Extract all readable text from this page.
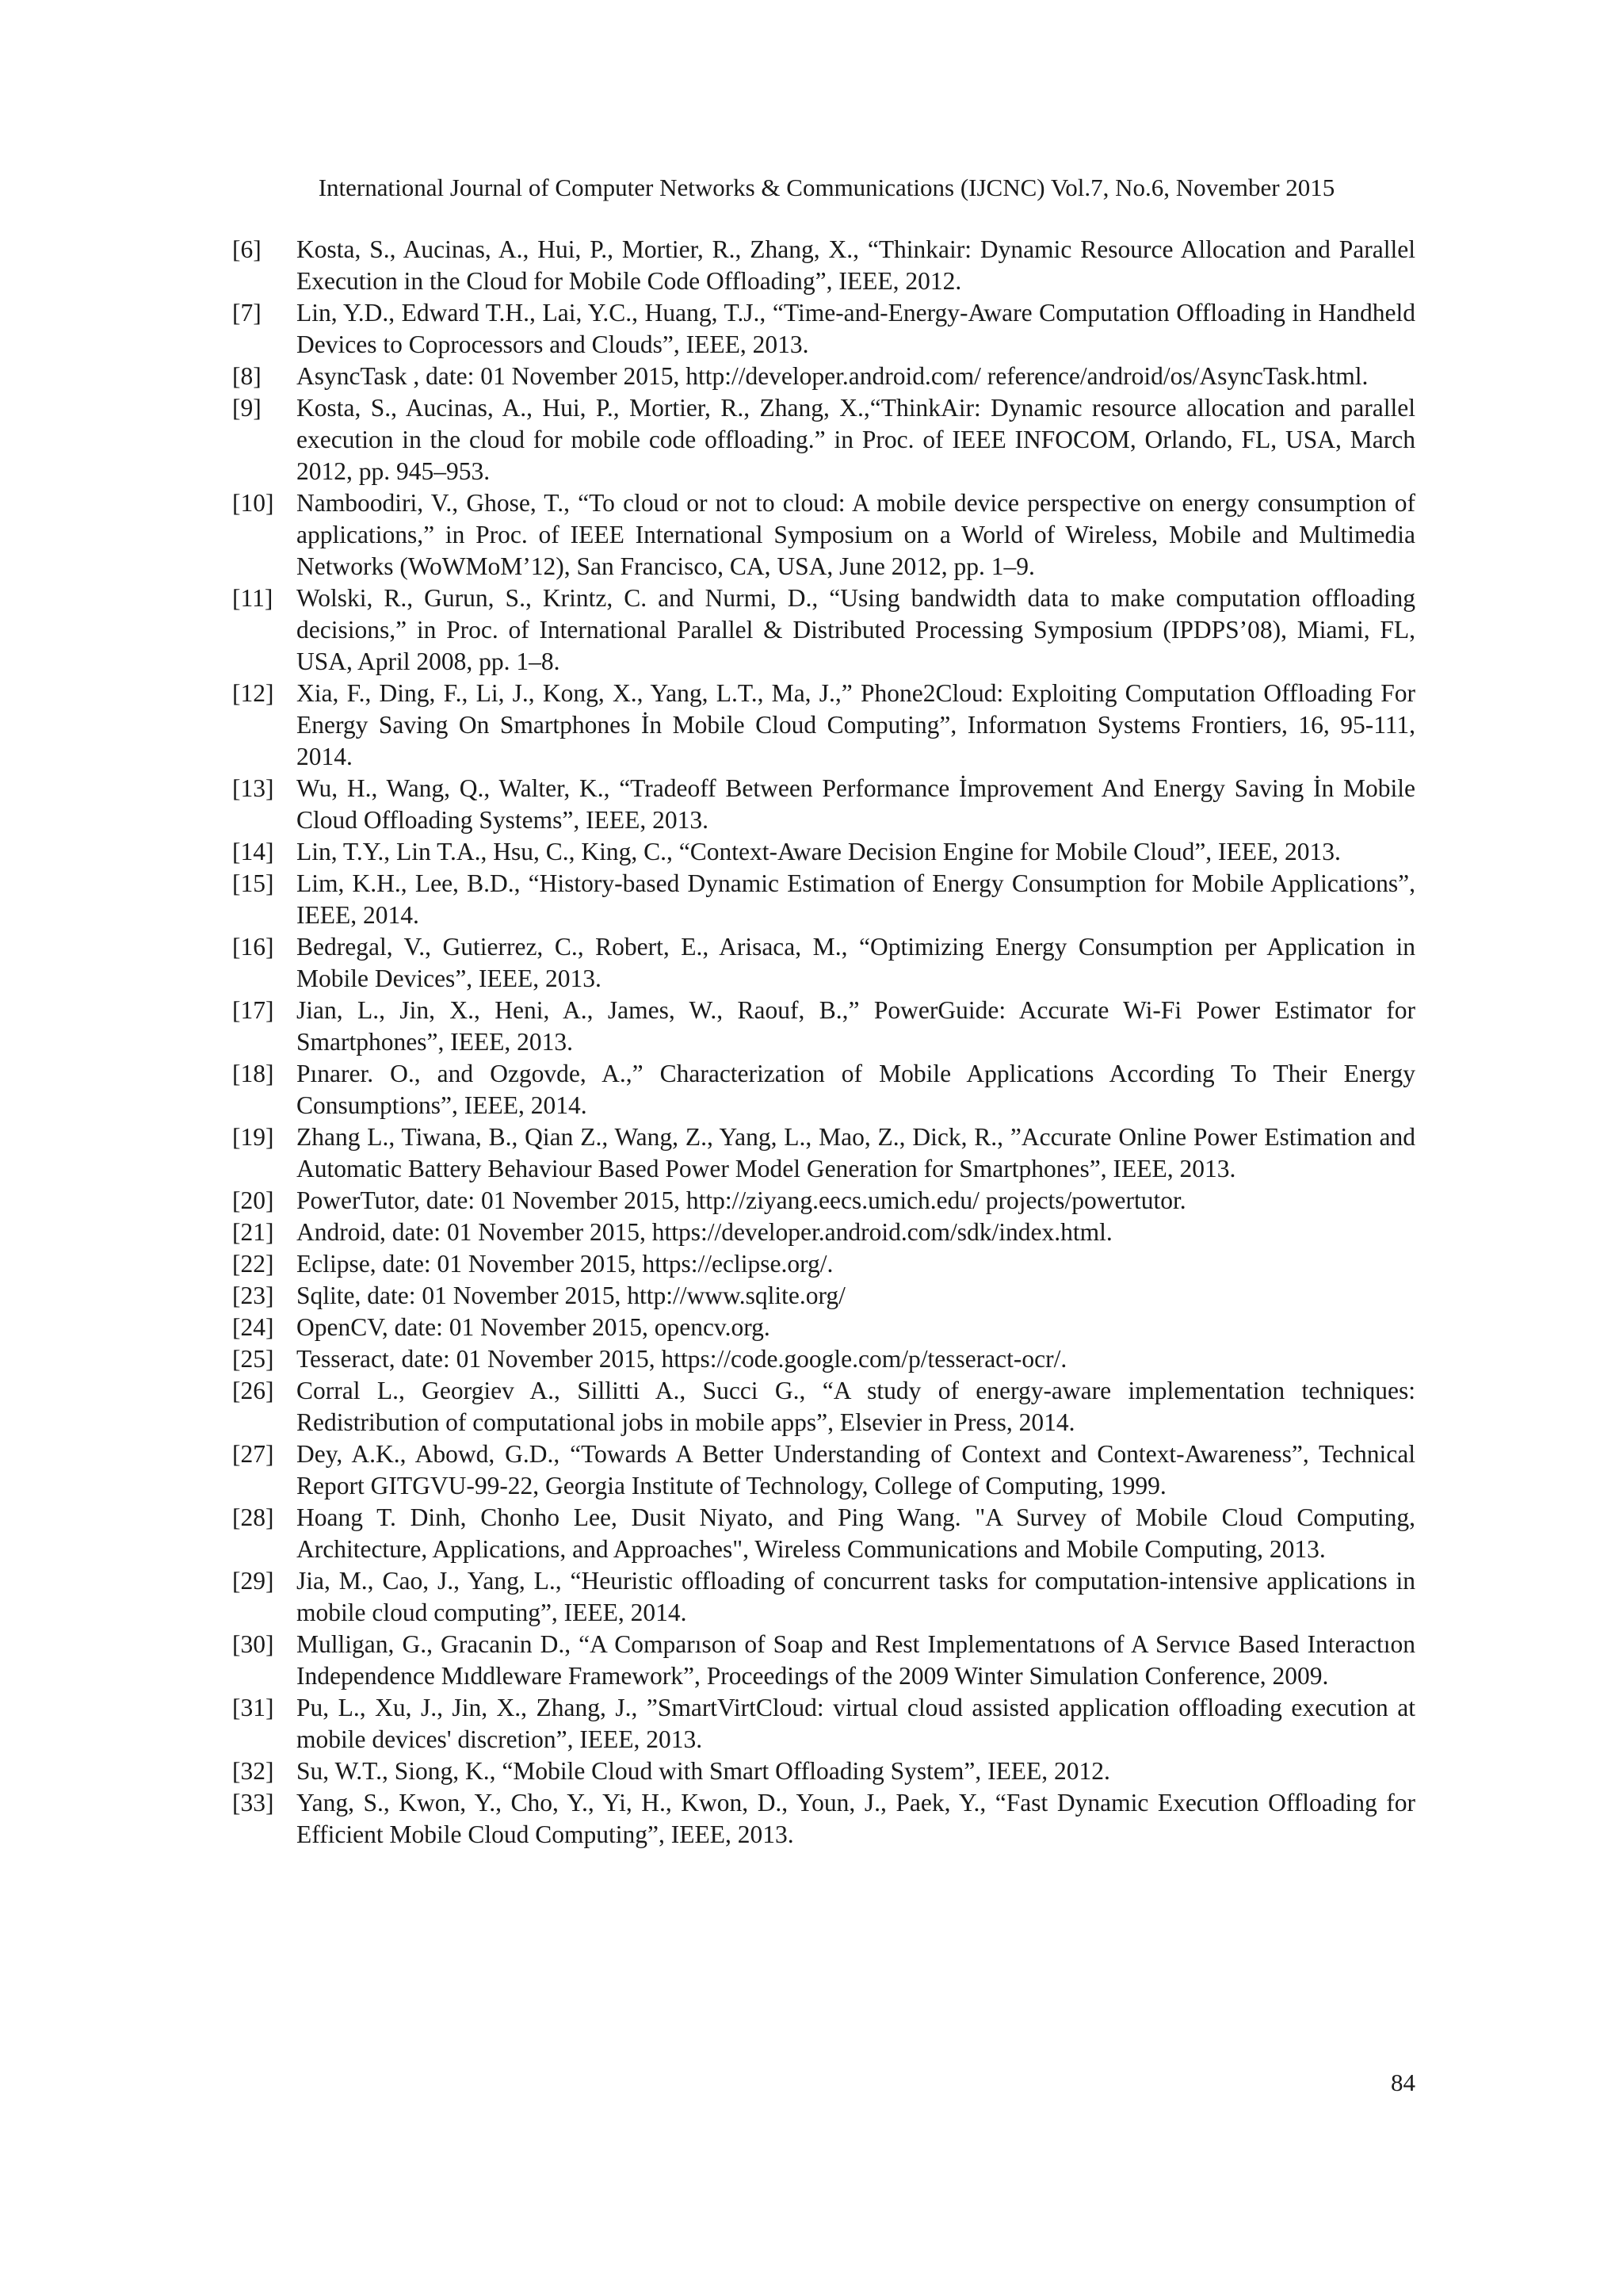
International Journal of Computer Networks & Communications (IJCNC) Vol.7, No.6, November 2015
[6]	Kosta, S., Aucinas, A., Hui, P., Mortier, R., Zhang, X., “Thinkair: Dynamic Resource Allocation and Parallel Execution in the Cloud for Mobile Code Offloading”, IEEE, 2012.
[7]	Lin, Y.D., Edward T.H., Lai, Y.C., Huang, T.J., “Time-and-Energy-Aware Computation Offloading in Handheld Devices to Coprocessors and Clouds”, IEEE, 2013.
[8]	AsyncTask , date: 01 November 2015, http://developer.android.com/ reference/android/os/AsyncTask.html.
[9]	Kosta, S., Aucinas, A., Hui, P., Mortier, R., Zhang, X.,“ThinkAir: Dynamic resource allocation and parallel execution in the cloud for mobile code offloading.” in Proc. of IEEE INFOCOM, Orlando, FL, USA, March 2012, pp. 945–953.
[10] Namboodiri, V., Ghose, T., “To cloud or not to cloud: A mobile device perspective on energy consumption of applications,” in Proc. of IEEE International Symposium on a World of Wireless, Mobile and Multimedia Networks (WoWMoM’12), San Francisco, CA, USA, June 2012, pp. 1–9.
[11] Wolski, R., Gurun, S., Krintz, C. and Nurmi, D., “Using bandwidth data to make computation offloading decisions,” in Proc. of International Parallel & Distributed Processing Symposium (IPDPS’08), Miami, FL, USA, April 2008, pp. 1–8.
[12] Xia, F., Ding, F., Li, J., Kong, X., Yang, L.T., Ma, J.,” Phone2Cloud: Exploiting Computation Offloading For Energy Saving On Smartphones İn Mobile Cloud Computing”, Informatıon Systems Frontiers, 16, 95-111, 2014.
[13] Wu, H., Wang, Q., Walter, K., “Tradeoff Between Performance İmprovement And Energy Saving İn Mobile Cloud Offloading Systems”, IEEE, 2013.
[14] Lin, T.Y., Lin T.A., Hsu, C., King, C., “Context-Aware Decision Engine for Mobile Cloud”, IEEE, 2013.
[15] Lim, K.H., Lee, B.D., “History-based Dynamic Estimation of Energy Consumption for Mobile Applications”, IEEE, 2014.
[16] Bedregal, V., Gutierrez, C., Robert, E., Arisaca, M., “Optimizing Energy Consumption per Application in Mobile Devices”, IEEE, 2013.
[17] Jian, L., Jin, X., Heni, A., James, W., Raouf, B.,” PowerGuide: Accurate Wi-Fi Power Estimator for Smartphones”, IEEE, 2013.
[18] Pınarer. O., and Ozgovde, A.,” Characterization of Mobile Applications According To Their Energy Consumptions”, IEEE, 2014.
[19] Zhang L., Tiwana, B., Qian Z., Wang, Z., Yang, L., Mao, Z., Dick, R., ”Accurate Online Power Estimation and Automatic Battery Behaviour Based Power Model Generation for Smartphones”, IEEE, 2013.
[20] PowerTutor, date: 01 November 2015, http://ziyang.eecs.umich.edu/ projects/powertutor.
[21] Android, date: 01 November 2015, https://developer.android.com/sdk/index.html.
[22] Eclipse, date: 01 November 2015, https://eclipse.org/.
[23] Sqlite, date: 01 November 2015, http://www.sqlite.org/
[24] OpenCV, date: 01 November 2015, opencv.org.
[25] Tesseract, date: 01 November 2015, https://code.google.com/p/tesseract-ocr/.
[26] Corral L., Georgiev A., Sillitti A., Succi G., “A study of energy-aware implementation techniques: Redistribution of computational jobs in mobile apps”, Elsevier in Press, 2014.
[27] Dey, A.K., Abowd, G.D., “Towards A Better Understanding of Context and Context-Awareness”, Technical Report GITGVU-99-22, Georgia Institute of Technology, College of Computing, 1999.
[28] Hoang T. Dinh, Chonho Lee, Dusit Niyato, and Ping Wang. "A Survey of Mobile Cloud Computing, Architecture, Applications, and Approaches", Wireless Communications and Mobile Computing, 2013.
[29] Jia, M., Cao, J., Yang, L., “Heuristic offloading of concurrent tasks for computation-intensive applications in mobile cloud computing”, IEEE, 2014.
[30] Mulligan, G., Gracanin D., “A Comparıson of Soap and Rest Implementatıons of A Servıce Based Interactıon Independence Mıddleware Framework”, Proceedings of the 2009 Winter Simulation Conference, 2009.
[31] Pu, L., Xu, J., Jin, X., Zhang, J., ”SmartVirtCloud: virtual cloud assisted application offloading execution at mobile devices' discretion”, IEEE, 2013.
[32] Su, W.T., Siong, K., “Mobile Cloud with Smart Offloading System”, IEEE, 2012.
[33] Yang, S., Kwon, Y., Cho, Y., Yi, H., Kwon, D., Youn, J., Paek, Y., “Fast Dynamic Execution Offloading for Efficient Mobile Cloud Computing”, IEEE, 2013.
84
